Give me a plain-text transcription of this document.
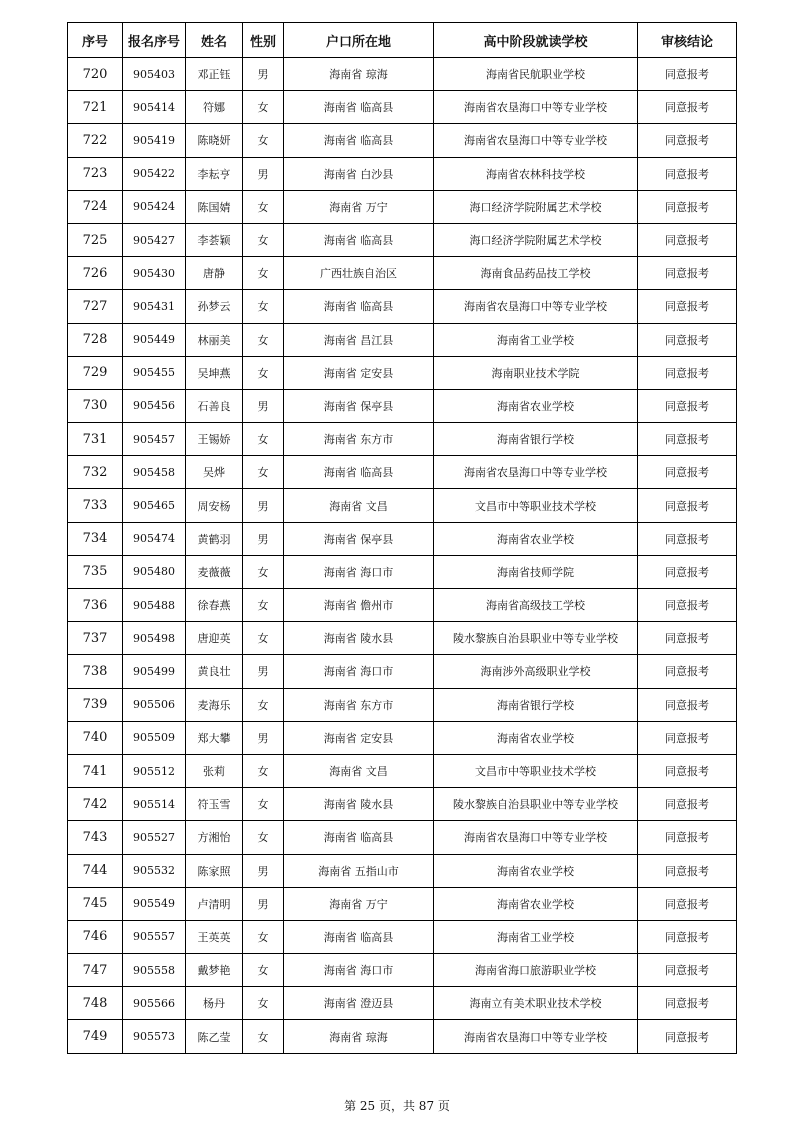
序号	报名序号	姓名	性别	户口所在地	高中阶段就读学校	审核结论
720	905403	邓正钰	男	海南省 琼海	海南省民航职业学校	同意报考
721	905414	符娜	女	海南省 临高县	海南省农垦海口中等专业学校	同意报考
722	905419	陈晓妍	女	海南省 临高县	海南省农垦海口中等专业学校	同意报考
723	905422	李耘亨	男	海南省 白沙县	海南省农林科技学校	同意报考
724	905424	陈国婧	女	海南省 万宁	海口经济学院附属艺术学校	同意报考
725	905427	李荟颖	女	海南省 临高县	海口经济学院附属艺术学校	同意报考
726	905430	唐静	女	广西壮族自治区	海南食品药品技工学校	同意报考
727	905431	孙梦云	女	海南省 临高县	海南省农垦海口中等专业学校	同意报考
728	905449	林丽美	女	海南省 昌江县	海南省工业学校	同意报考
729	905455	吴坤燕	女	海南省 定安县	海南职业技术学院	同意报考
730	905456	石善良	男	海南省 保亭县	海南省农业学校	同意报考
731	905457	王锡娇	女	海南省 东方市	海南省银行学校	同意报考
732	905458	吴烨	女	海南省 临高县	海南省农垦海口中等专业学校	同意报考
733	905465	周安杨	男	海南省 文昌	文昌市中等职业技术学校	同意报考
734	905474	黄鹤羽	男	海南省 保亭县	海南省农业学校	同意报考
735	905480	麦薇薇	女	海南省 海口市	海南省技师学院	同意报考
736	905488	徐春燕	女	海南省 儋州市	海南省高级技工学校	同意报考
737	905498	唐迎英	女	海南省 陵水县	陵水黎族自治县职业中等专业学校	同意报考
738	905499	黄良壮	男	海南省 海口市	海南涉外高级职业学校	同意报考
739	905506	麦海乐	女	海南省 东方市	海南省银行学校	同意报考
740	905509	郑大攀	男	海南省 定安县	海南省农业学校	同意报考
741	905512	张莉	女	海南省 文昌	文昌市中等职业技术学校	同意报考
742	905514	符玉雪	女	海南省 陵水县	陵水黎族自治县职业中等专业学校	同意报考
743	905527	方湘怡	女	海南省 临高县	海南省农垦海口中等专业学校	同意报考
744	905532	陈家照	男	海南省 五指山市	海南省农业学校	同意报考
745	905549	卢清明	男	海南省 万宁	海南省农业学校	同意报考
746	905557	王英英	女	海南省 临高县	海南省工业学校	同意报考
747	905558	戴梦艳	女	海南省 海口市	海南省海口旅游职业学校	同意报考
748	905566	杨丹	女	海南省 澄迈县	海南立有美术职业技术学校	同意报考
749	905573	陈乙莹	女	海南省 琼海	海南省农垦海口中等专业学校	同意报考
第 25 页，共 87 页
